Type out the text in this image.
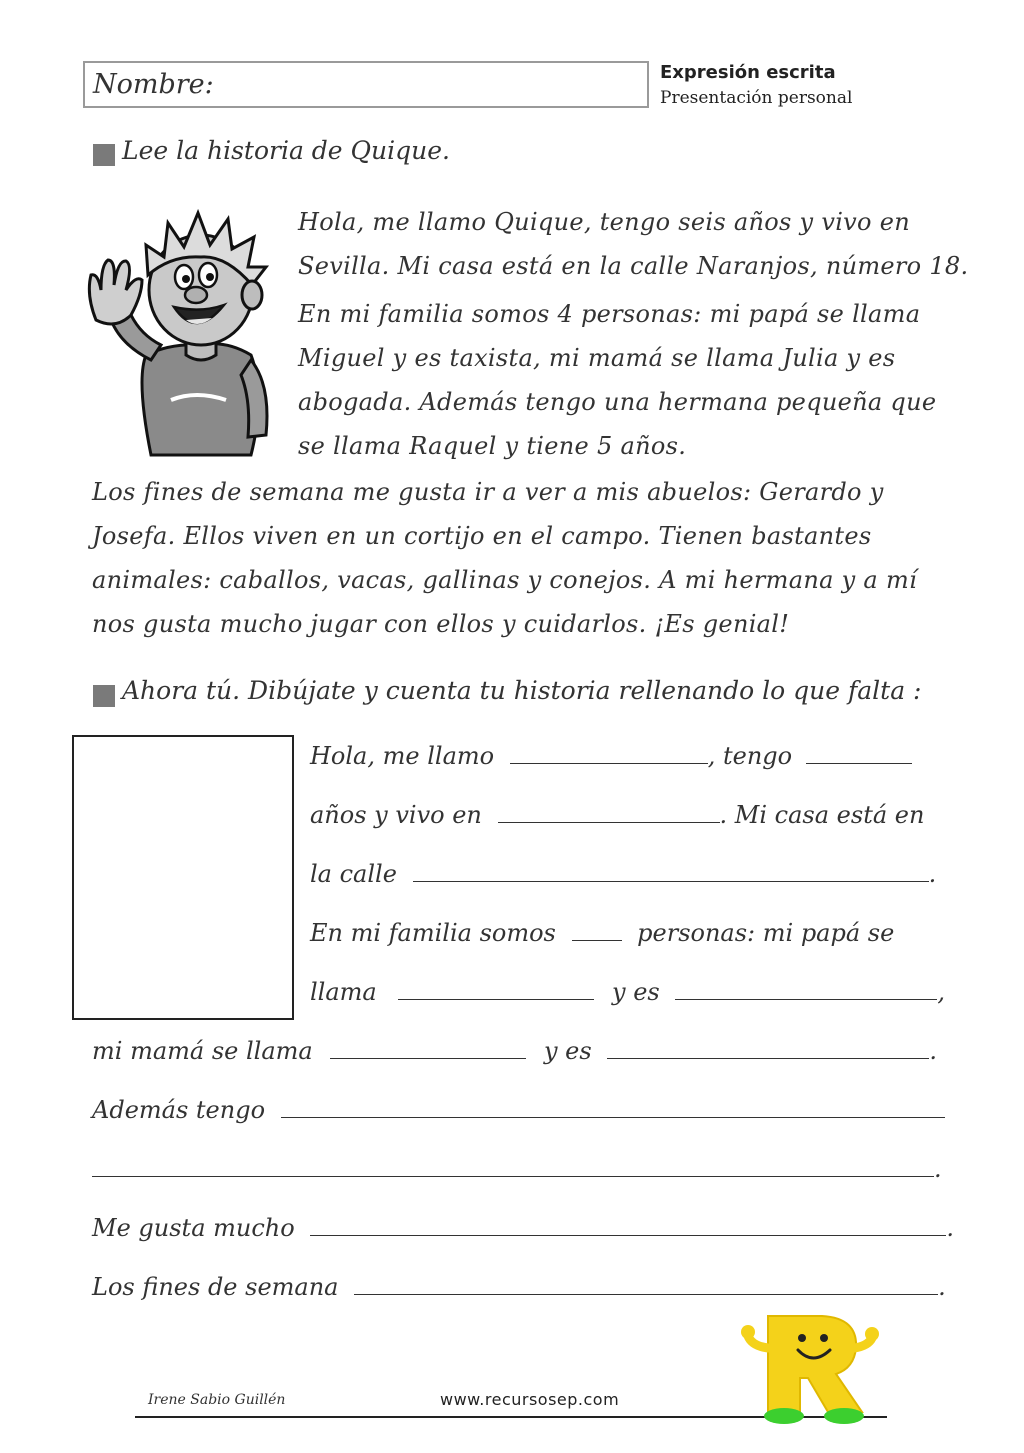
Nombre:	Expresión escrita
Presentación personal
Lee la historia de Quique.
Hola, me llamo Quique, tengo seis años y vivo en
Sevilla. Mi casa está en la calle Naranjos, número 18.
En mi familia somos 4 personas: mi papá se llama
Miguel y es taxista, mi mamá se llama Julia y es
abogada. Además tengo una hermana pequeña que
se llama Raquel y tiene 5 años.
Los fines de semana me gusta ir a ver a mis abuelos: Gerardo y
Josefa. Ellos viven en un cortijo en el campo. Tienen bastantes
animales: caballos, vacas, gallinas y conejos. A mi hermana y a mí
nos gusta mucho jugar con ellos y cuidarlos. ¡Es genial!
Ahora tú. Dibújate y cuenta tu historia rellenando lo que falta :
Hola, me llamo	, tengo
años y vivo en	. Mi casa está en
la calle	.
En mi familia somos	personas: mi papá se
llama	y es	,
mi mamá se llama	y es	.
Además tengo
.
Me gusta mucho	.
Los fines de semana	.
Irene Sabio Guillén	www.recursosep.com
